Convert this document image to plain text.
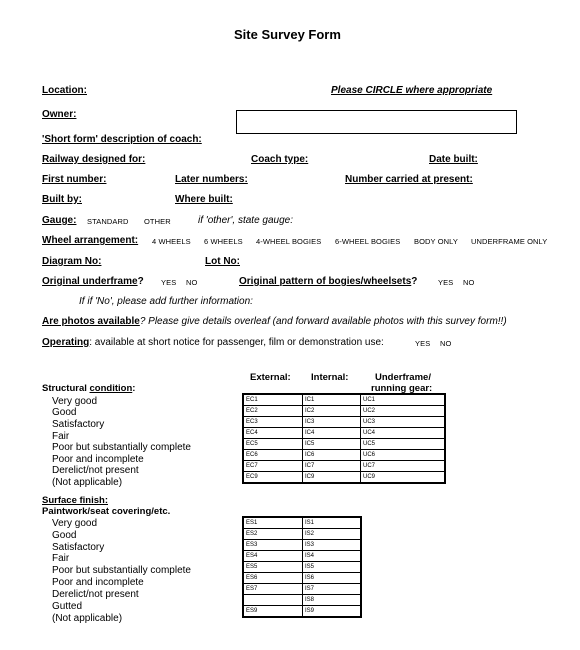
Site Survey Form
Location:	Please CIRCLE where appropriate
Owner:
'Short form' description of coach:
Railway designed for:	Coach type:	Date built:
First number:	Later numbers:	Number carried at present:
Built by:	Where built:
Gauge: STANDARD OTHER	if 'other', state gauge:
Wheel arrangement: 4 WHEELS 6 WHEELS 4-WHEEL BOGIES 6-WHEEL BOGIES BODY ONLY UNDERFRAME ONLY
Diagram No:	Lot No:
Original underframe? YES NO	Original pattern of bogies/wheelsets?	YES NO
If if 'No', please add further information:
Are photos available? Please give details overleaf (and forward available photos with this survey form!!)
Operating: available at short notice for passenger, film or demonstration use:	YES NO
External: Internal:	Underframe/
running gear:
Structural condition:
Very good
Good
Satisfactory
Fair
Poor but substantially complete
Poor and incomplete
Derelict/not present
(Not applicable)
EC1	IC1	UC1
EC2	IC2	UC2
EC3	IC3	UC3
EC4	IC4	UC4
EC5	IC5	UC5
EC6	IC6	UC6
EC7	IC7	UC7
EC9	IC9	UC9
Surface finish:
Paintwork/seat covering/etc.
Very good
Good
Satisfactory
Fair
Poor but substantially complete
Poor and incomplete
Derelict/not present
Gutted
(Not applicable)
ES1	IS1
ES2	IS2
ES3	IS3
ES4	IS4
ES5	IS5
ES6	IS6
ES7	IS7
	IS8
ES9	IS9
